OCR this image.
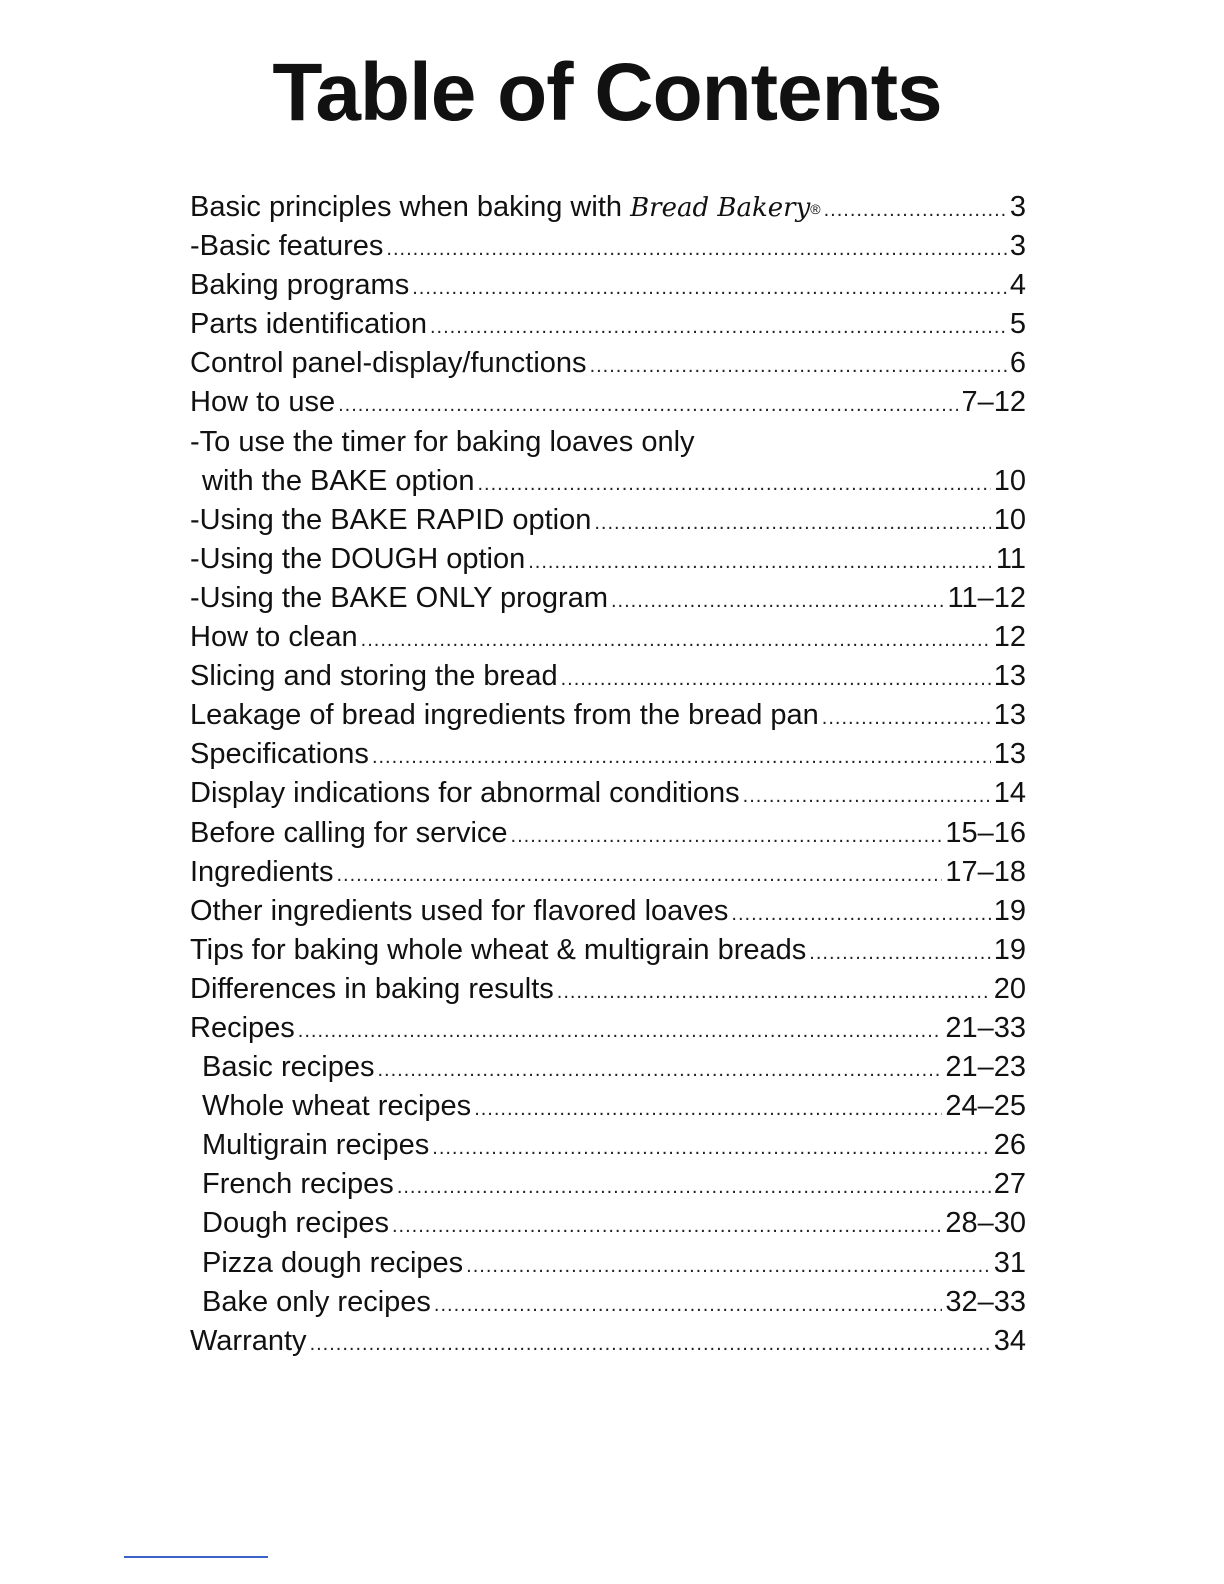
Table of Contents
Basic principles when baking with Bread Bakery® .....	3
-Basic features .....	3
Baking programs .....	4
Parts identification .....	5
Control panel-display/functions .....	6
How to use .....	7–12
-To use the timer for baking loaves only
with the BAKE option .....	10
-Using the BAKE RAPID option .....	10
-Using the DOUGH option .....	11
-Using the BAKE ONLY program .....	11–12
How to clean .....	12
Slicing and storing the bread .....	13
Leakage of bread ingredients from the bread pan .....	13
Specifications .....	13
Display indications for abnormal conditions .....	14
Before calling for service .....	15–16
Ingredients .....	17–18
Other ingredients used for flavored loaves .....	19
Tips for baking whole wheat & multigrain breads .....	19
Differences in baking results .....	20
Recipes .....	21–33
Basic recipes .....	21–23
Whole wheat recipes .....	24–25
Multigrain recipes .....	26
French recipes .....	27
Dough recipes .....	28–30
Pizza dough recipes .....	31
Bake only recipes .....	32–33
Warranty .....	34
